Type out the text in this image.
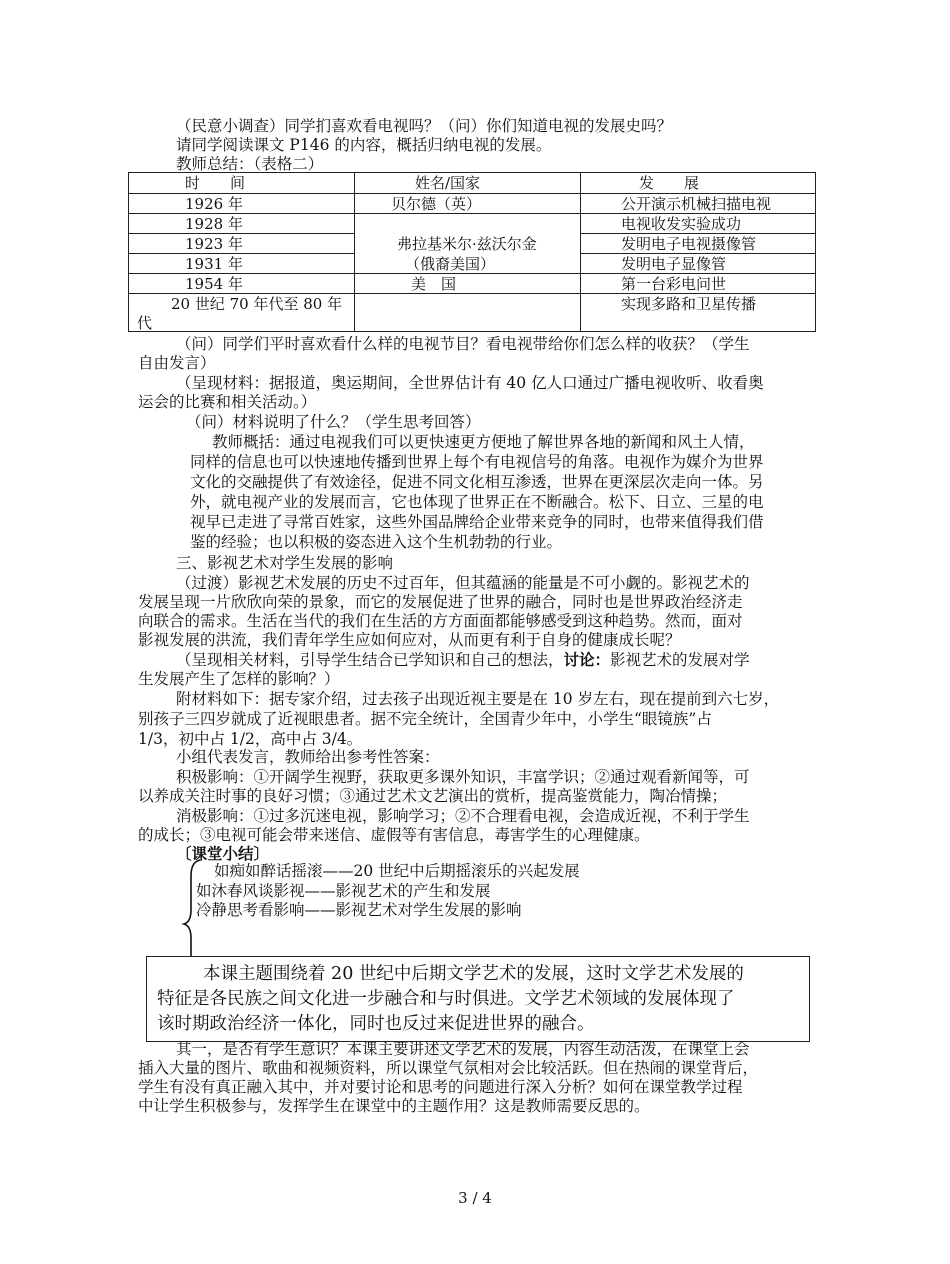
（民意小调查）同学扪喜欢看电视吗？（问）你们知道电视的发展史吗？
请同学阅读课文 P146 的内容，概括归纳电视的发展。
教师总结：（表格二）
时　　间	姓名/国家	发　　展
1926 年
1928 年
1923 年
1931 年
1954 年
20 世纪 70 年代至 80 年
代
贝尔德（英）
弗拉基米尔·兹沃尔金
（俄裔美国）
美　国
公开演示机械扫描电视
电视收发实验成功
发明电子电视摄像管
发明电子显像管
第一台彩电问世
实现多路和卫星传播
（问）同学们平时喜欢看什么样的电视节目？看电视带给你们怎么样的收获？（学生
自由发言）
（呈现材料：据报道，奥运期间，全世界估计有 40 亿人口通过广播电视收听、收看奥
运会的比赛和相关活动。）
（问）材料说明了什么？（学生思考回答）
教师概括：通过电视我们可以更快速更方便地了解世界各地的新闻和风土人情，
同样的信息也可以快速地传播到世界上每个有电视信号的角落。电视作为媒介为世界
文化的交融提供了有效途径，促进不同文化相互渗透，世界在更深层次走向一体。另
外，就电视产业的发展而言，它也体现了世界正在不断融合。松下、日立、三星的电
视早已走进了寻常百姓家，这些外国品牌给企业带来竞争的同时，也带来值得我们借
鉴的经验；也以积极的姿态进入这个生机勃勃的行业。
三、影视艺术对学生发展的影响
（过渡）影视艺术发展的历史不过百年，但其蕴涵的能量是不可小觑的。影视艺术的
发展呈现一片欣欣向荣的景象，而它的发展促进了世界的融合，同时也是世界政治经济走
向联合的需求。生活在当代的我们在生活的方方面面都能够感受到这种趋势。然而，面对
影视发展的洪流，我们青年学生应如何应对，从而更有利于自身的健康成长呢？
（呈现相关材料，引导学生结合已学知识和自己的想法，讨论：影视艺术的发展对学
生发展产生了怎样的影响？）
附材料如下：据专家介绍，过去孩子出现近视主要是在 10 岁左右，现在提前到六七岁，
别孩子三四岁就成了近视眼患者。据不完全统计，全国青少年中，小学生“眼镜族”占
1/3，初中占 1/2，高中占 3/4。
小组代表发言，教师给出参考性答案：
积极影响：①开阔学生视野，获取更多课外知识，丰富学识；②通过观看新闻等，可
以养成关注时事的良好习惯；③通过艺术文艺演出的赏析，提高鉴赏能力，陶冶情操；
消极影响：①过多沉迷电视，影响学习；②不合理看电视，会造成近视，不利于学生
的成长；③电视可能会带来迷信、虚假等有害信息，毒害学生的心理健康。
〔课堂小结〕
如痴如醉话摇滚——20 世纪中后期摇滚乐的兴起发展
如沐春风谈影视——影视艺术的产生和发展
冷静思考看影响——影视艺术对学生发展的影响
本课主题围绕着 20 世纪中后期文学艺术的发展，这时文学艺术发展的
特征是各民族之间文化进一步融合和与时俱进。文学艺术领域的发展体现了
该时期政治经济一体化，同时也反过来促进世界的融合。
其一，是否有学生意识？本课主要讲述文学艺术的发展，内容生动活泼，在课堂上会
插入大量的图片、歌曲和视频资料，所以课堂气氛相对会比较活跃。但在热闹的课堂背后，
学生有没有真正融入其中，并对要讨论和思考的问题进行深入分析？如何在课堂教学过程
中让学生积极参与，发挥学生在课堂中的主题作用？这是教师需要反思的。
3 / 4
